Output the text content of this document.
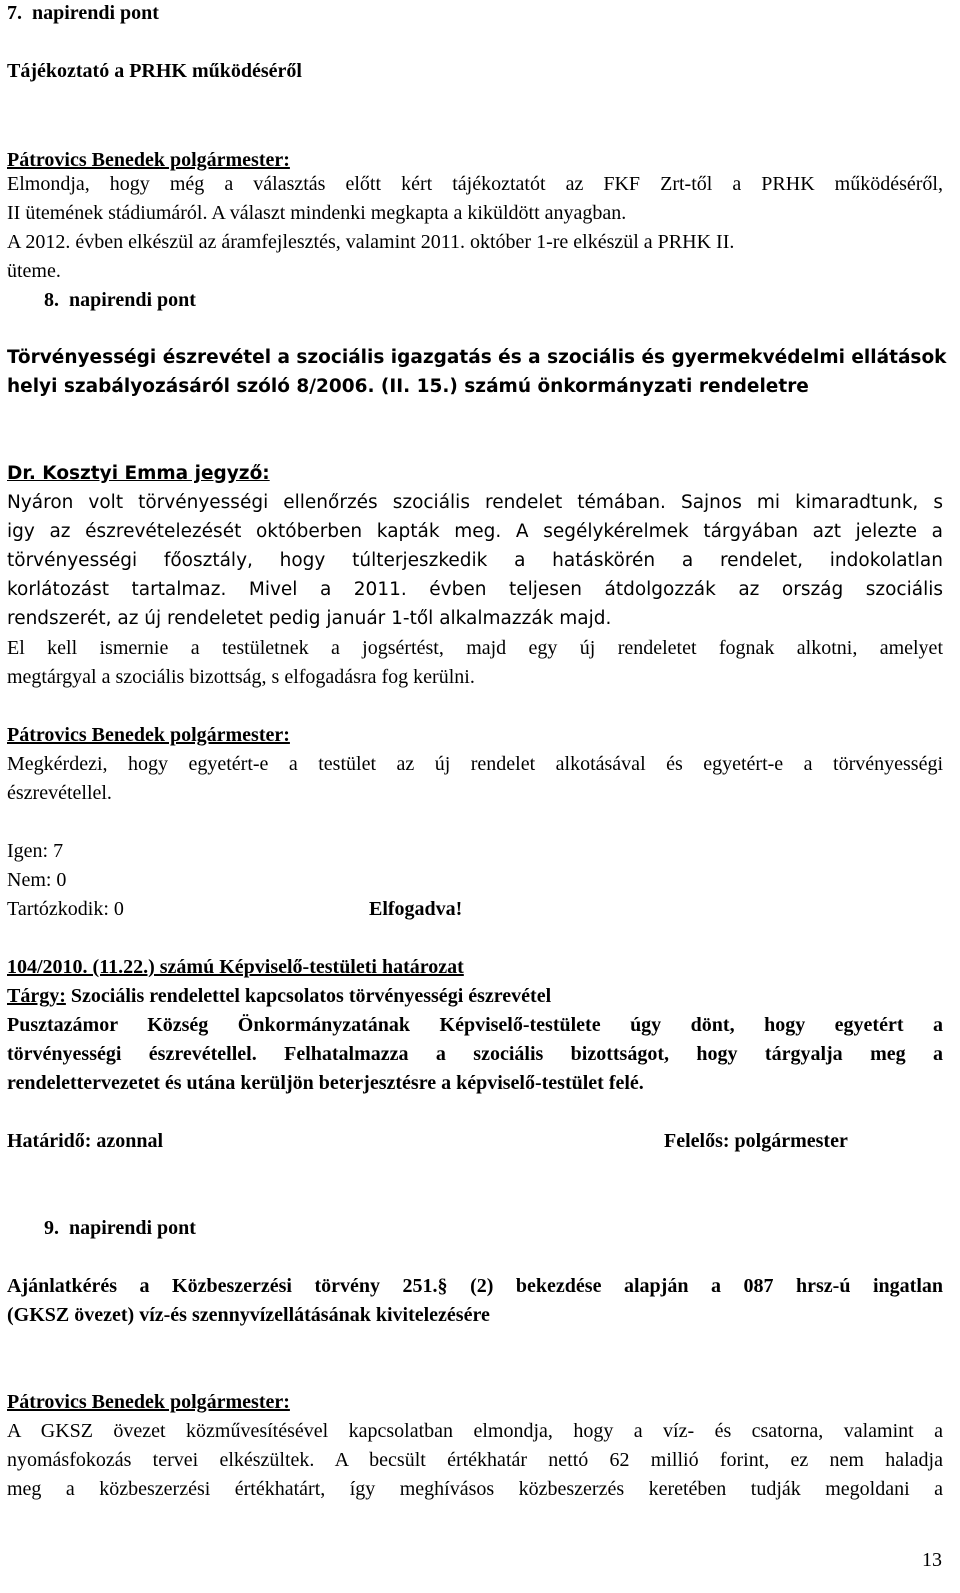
7.  napirendi pont
Tájékoztató a PRHK működéséről
Pátrovics Benedek polgármester:
Elmondja, hogy még a választás előtt kért tájékoztatót az FKF Zrt-től a PRHK működéséről,
II ütemének stádiumáról. A választ mindenki megkapta a kiküldött anyagban.
A 2012. évben elkészül az áramfejlesztés, valamint 2011. október 1-re elkészül a PRHK II.
üteme.
8.  napirendi pont
Törvényességi észrevétel a szociális igazgatás és a szociális és gyermekvédelmi ellátások
helyi szabályozásáról szóló 8/2006. (II. 15.) számú önkormányzati rendeletre
Dr. Kosztyi Emma jegyző:
Nyáron volt törvényességi ellenőrzés szociális rendelet témában. Sajnos mi kimaradtunk, s
igy az észrevételezését októberben kapták meg. A segélykérelmek tárgyában azt jelezte a
törvényességi főosztály, hogy túlterjeszkedik a hatáskörén a rendelet, indokolatlan
korlátozást tartalmaz. Mivel a 2011. évben teljesen átdolgozzák az ország szociális
rendszerét, az új rendeletet pedig január 1-től alkalmazzák majd.
El kell ismernie a testületnek a jogsértést, majd egy új rendeletet fognak alkotni, amelyet
megtárgyal a szociális bizottság, s elfogadásra fog kerülni.
Pátrovics Benedek polgármester:
Megkérdezi, hogy egyetért-e a testület az új rendelet alkotásával és egyetért-e a törvényességi
észrevétellel.
Igen: 7
Nem: 0
Tartózkodik: 0	Elfogadva!
104/2010. (11.22.) számú Képviselő-testületi határozat
Tárgy: Szociális rendelettel kapcsolatos törvényességi észrevétel
Pusztazámor Község Önkormányzatának Képviselő-testülete úgy dönt, hogy egyetért a
törvényességi észrevétellel. Felhatalmazza a szociális bizottságot, hogy tárgyalja meg a
rendelettervezetet és utána kerüljön beterjesztésre a képviselő-testület felé.
Határidő: azonnal	Felelős: polgármester
9.  napirendi pont
Ajánlatkérés a Közbeszerzési törvény 251.§ (2) bekezdése alapján a 087 hrsz-ú ingatlan
(GKSZ övezet) víz-és szennyvízellátásának kivitelezésére
Pátrovics Benedek polgármester:
A GKSZ övezet közművesítésével kapcsolatban elmondja, hogy a víz- és csatorna, valamint a
nyomásfokozás tervei elkészültek. A becsült értékhatár nettó 62 millió forint, ez nem haladja
meg a közbeszerzési értékhatárt, így meghívásos közbeszerzés keretében tudják megoldani a
13
